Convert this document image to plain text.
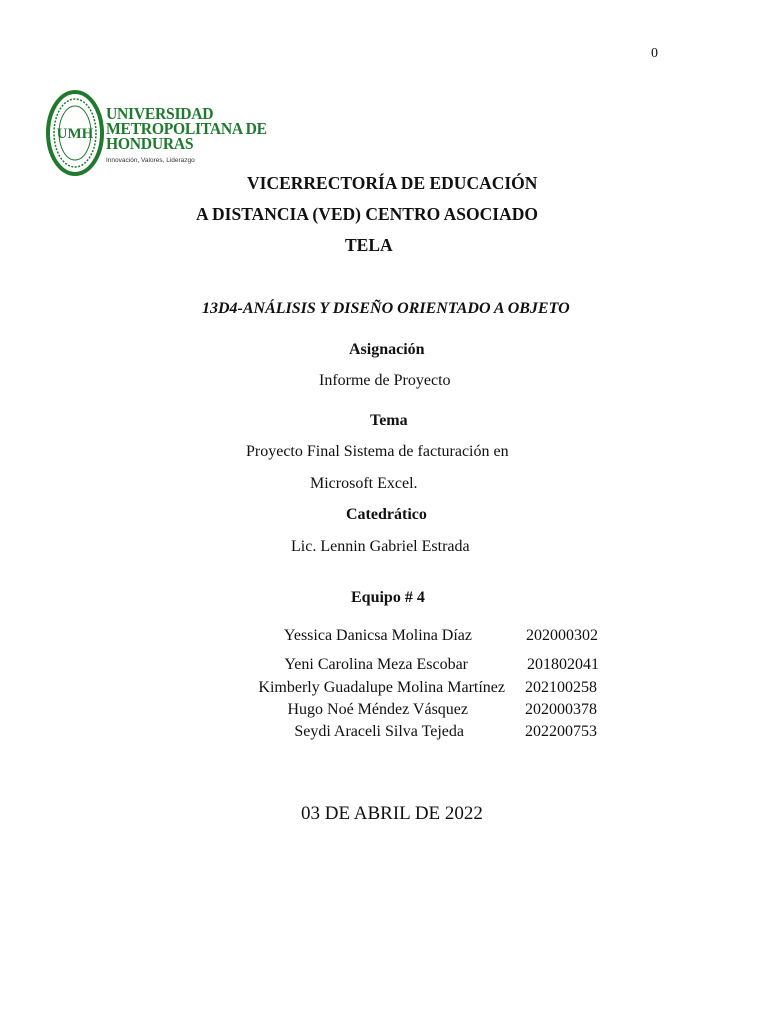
0
UMH
UNIVERSIDAD
METROPOLITANA DE
HONDURAS
Innovación, Valores, Liderazgo
VICERRECTORÍA DE EDUCACIÓN
A DISTANCIA (VED) CENTRO ASOCIADO
TELA
13D4-ANÁLISIS Y DISEÑO ORIENTADO A OBJETO
Asignación
Informe de Proyecto
Tema
Proyecto Final Sistema de facturación en
Microsoft Excel.
Catedrático
Lic. Lennin Gabriel Estrada
Equipo # 4
Yessica Danicsa Molina Díaz	202000302
Yeni Carolina Meza Escobar	201802041
Kimberly Guadalupe Molina Martínez 202100258
Hugo Noé Méndez Vásquez	202000378
Seydi Araceli Silva Tejeda	202200753
03 DE ABRIL DE 2022
